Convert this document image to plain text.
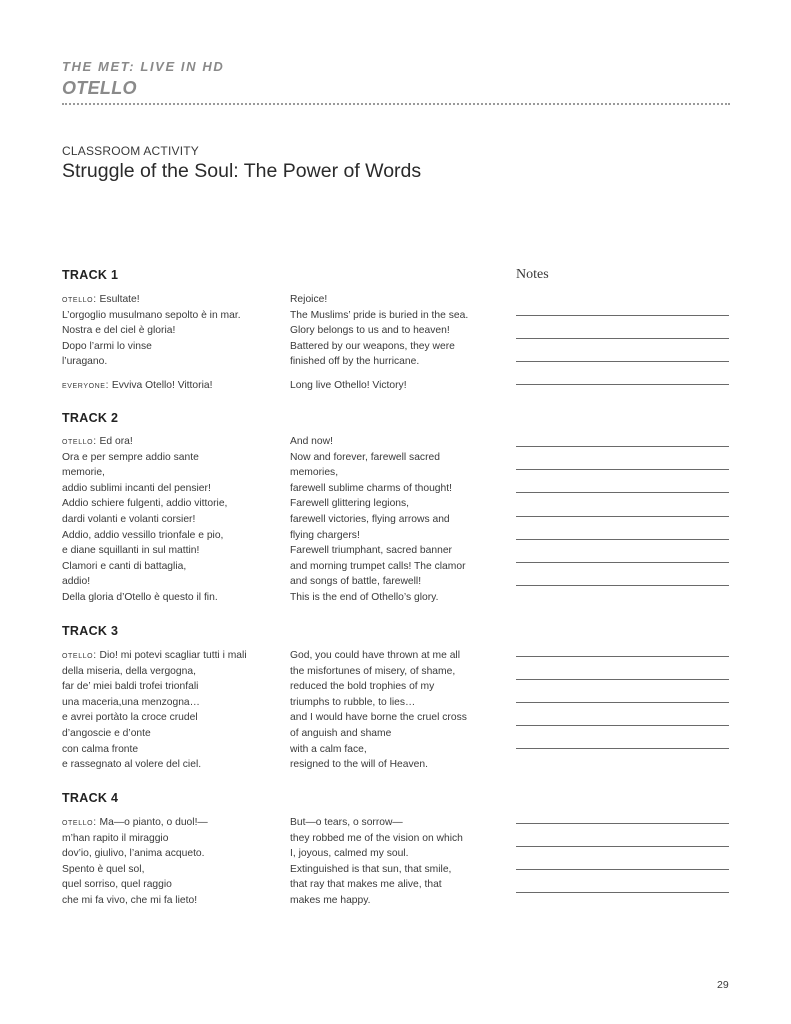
THE MET: LIVE IN HD
OTELLO
CLASSROOM ACTIVITY
Struggle of the Soul: The Power of Words
Notes
TRACK 1
otello: Esultate!	Rejoice!
L’orgoglio musulmano sepolto è in mar.	The Muslims’ pride is buried in the sea.
Nostra e del ciel è gloria!	Glory belongs to us and to heaven!
Dopo l’armi lo vinse	Battered by our weapons, they were
l’uragano.	finished off by the hurricane.
everyone: Evviva Otello! Vittoria!	Long live Othello! Victory!
TRACK 2
otello: Ed ora!	And now!
Ora e per sempre addio sante	Now and forever, farewell sacred
memorie,	memories,
addio sublimi incanti del pensier!	farewell sublime charms of thought!
Addio schiere fulgenti, addio vittorie,	Farewell glittering legions,
dardi volanti e volanti corsier!	farewell victories, flying arrows and
Addio, addio vessillo trionfale e pio,	flying chargers!
e diane squillanti in sul mattin!	Farewell triumphant, sacred banner
Clamori e canti di battaglia,	and morning trumpet calls! The clamor
addio!	and songs of battle, farewell!
Della gloria d’Otello è questo il fin.	This is the end of Othello’s glory.
TRACK 3
otello: Dio! mi potevi scagliar tutti i mali	God, you could have thrown at me all
della miseria, della vergogna,	the misfortunes of misery, of shame,
far de’ miei baldi trofei trionfali	reduced the bold trophies of my
una maceria,una menzogna…	triumphs to rubble, to lies…
e avrei portàto la croce crudel	and I would have borne the cruel cross
d’angoscie e d’onte	of anguish and shame
con calma fronte	with a calm face,
e rassegnato al volere del ciel.	resigned to the will of Heaven.
TRACK 4
otello: Ma—o pianto, o duol!—	But—o tears, o sorrow—
m’han rapito il miraggio	they robbed me of the vision on which
dov’io, giulivo, l’anima acqueto.	I, joyous, calmed my soul.
Spento è quel sol,	Extinguished is that sun, that smile,
quel sorriso, quel raggio	that ray that makes me alive, that
che mi fa vivo, che mi fa lieto!	makes me happy.
29
